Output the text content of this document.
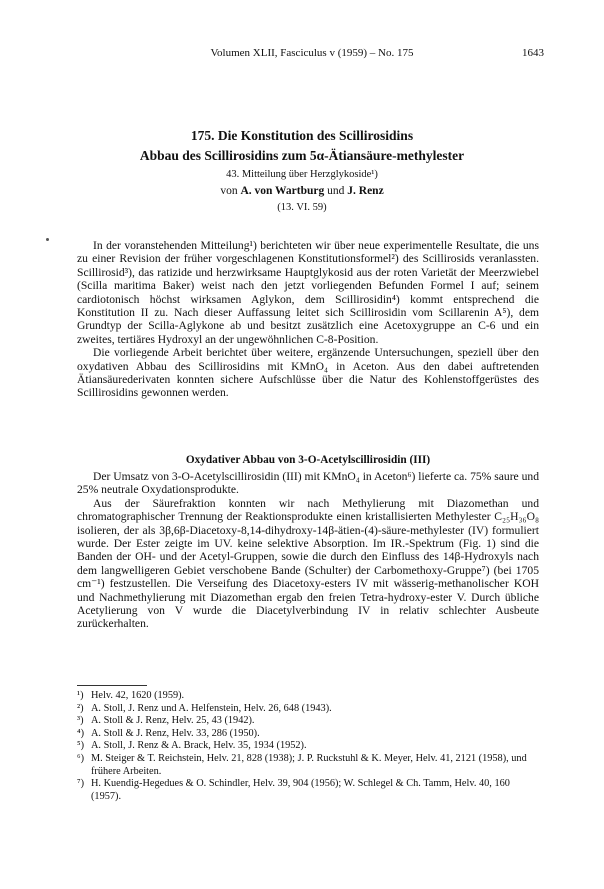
Volumen XLII, Fasciculus v (1959) – No. 175	1643
175. Die Konstitution des Scillirosidins
Abbau des Scillirosidins zum 5α-Ätiansäure-methylester
43. Mitteilung über Herzglykoside¹)
von A. von Wartburg und J. Renz
(13. VI. 59)

In der voranstehenden Mitteilung¹) berichteten wir über neue experimentelle Resultate, die uns zu einer Revision der früher vorgeschlagenen Konstitutionsformel²) des Scillirosids veranlassten. Scillirosid³), das ratizide und herzwirksame Hauptglykosid aus der roten Varietät der Meerzwiebel (Scilla maritima Baker) weist nach den jetzt vorliegenden Befunden Formel I auf; seinem cardiotonisch höchst wirksamen Aglykon, dem Scillirosidin⁴) kommt entsprechend die Konstitution II zu. Nach dieser Auffassung leitet sich Scillirosidin vom Scillarenin A⁵), dem Grundtyp der Scilla-Aglykone ab und besitzt zusätzlich eine Acetoxygruppe an C-6 und ein zweites, tertiäres Hydroxyl an der ungewöhnlichen C-8-Position.

Die vorliegende Arbeit berichtet über weitere, ergänzende Untersuchungen, speziell über den oxydativen Abbau des Scillirosidins mit KMnO₄ in Aceton. Aus den dabei auftretenden Ätiansäurederivaten konnten sichere Aufschlüsse über die Natur des Kohlenstoffgerüstes des Scillirosidins gewonnen werden.

Oxydativer Abbau von 3-O-Acetylscillirosidin (III)

Der Umsatz von 3-O-Acetylscillirosidin (III) mit KMnO₄ in Aceton⁶) lieferte ca. 75% saure und 25% neutrale Oxydationsprodukte.

Aus der Säurefraktion konnten wir nach Methylierung mit Diazomethan und chromatographischer Trennung der Reaktionsprodukte einen kristallisierten Methylester C₂₅H₃₆O₈ isolieren, der als 3β,6β-Diacetoxy-8,14-dihydroxy-14β-ätien-(4)-säure-methylester (IV) formuliert wurde. Der Ester zeigte im UV. keine selektive Absorption. Im IR.-Spektrum (Fig. 1) sind die Banden der OH- und der Acetyl-Gruppen, sowie die durch den Einfluss des 14β-Hydroxyls nach dem langwelligeren Gebiet verschobene Bande (Schulter) der Carbomethoxy-Gruppe⁷) (bei 1705 cm⁻¹) festzustellen. Die Verseifung des Diacetoxy-esters IV mit wässerig-methanolischer KOH und Nachmethylierung mit Diazomethan ergab den freien Tetra-hydroxy-ester V. Durch übliche Acetylierung von V wurde die Diacetylverbindung IV in relativ schlechter Ausbeute zurückerhalten.

¹) Helv. 42, 1620 (1959).

²) A. Stoll, J. Renz und A. Helfenstein, Helv. 26, 648 (1943).

³) A. Stoll & J. Renz, Helv. 25, 43 (1942).

⁴) A. Stoll & J. Renz, Helv. 33, 286 (1950).

⁵) A. Stoll, J. Renz & A. Brack, Helv. 35, 1934 (1952).

⁶) M. Steiger & T. Reichstein, Helv. 21, 828 (1938); J. P. Ruckstuhl & K. Meyer, Helv. 41, 2121 (1958), und frühere Arbeiten.

⁷) H. Kuendig-Hegedues & O. Schindler, Helv. 39, 904 (1956); W. Schlegel & Ch. Tamm, Helv. 40, 160 (1957).
